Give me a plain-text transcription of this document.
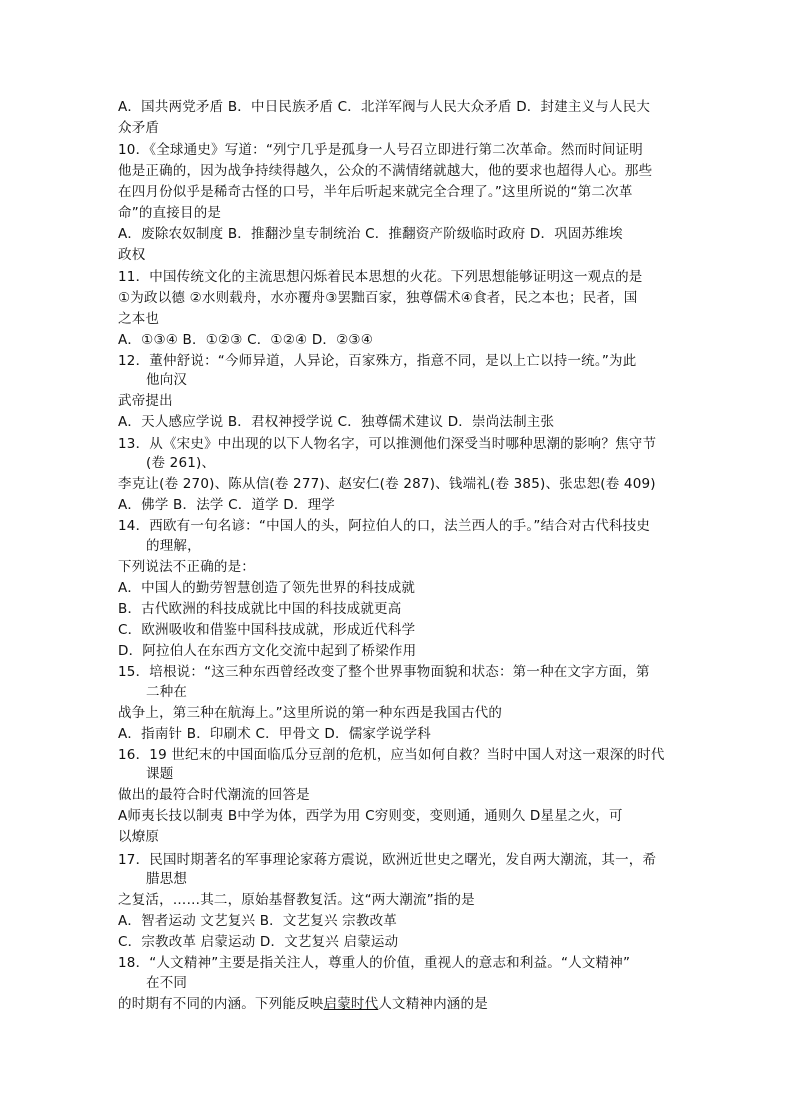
A．国共两党矛盾 B．中日民族矛盾 C．北洋军阀与人民大众矛盾 D．封建主义与人民大
众矛盾
10．《全球通史》写道：“列宁几乎是孤身一人号召立即进行第二次革命。然而时间证明
他是正确的，因为战争持续得越久，公众的不满情绪就越大，他的要求也超得人心。那些
在四月份似乎是稀奇古怪的口号，半年后听起来就完全合理了。”这里所说的“第二次革
命”的直接目的是
A．废除农奴制度 B．推翻沙皇专制统治 C．推翻资产阶级临时政府 D．巩固苏维埃
政权
11．中国传统文化的主流思想闪烁着民本思想的火花。下列思想能够证明这一观点的是
①为政以德 ②水则载舟，水亦覆舟③罢黜百家，独尊儒术④食者，民之本也；民者，国
之本也
A．①③④ B．①②③ C．①②④ D．②③④
12．董仲舒说：“今师异道，人异论，百家殊方，指意不同，是以上亡以持一统。”为此
他向汉
武帝提出
A．天人感应学说 B．君权神授学说 C．独尊儒术建议 D．崇尚法制主张
13．从《宋史》中出现的以下人物名字，可以推测他们深受当时哪种思潮的影响？焦守节
(卷 261)、
李克让(卷 270)、陈从信(卷 277)、赵安仁(卷 287)、钱端礼(卷 385)、张忠恕(卷 409)
A．佛学 B．法学 C．道学 D．理学
14．西欧有一句名谚：“中国人的头，阿拉伯人的口，法兰西人的手。”结合对古代科技史
的理解，
下列说法不正确的是：
A．中国人的勤劳智慧创造了领先世界的科技成就
B．古代欧洲的科技成就比中国的科技成就更高
C．欧洲吸收和借鉴中国科技成就，形成近代科学
D．阿拉伯人在东西方文化交流中起到了桥梁作用
15．培根说：“这三种东西曾经改变了整个世界事物面貌和状态：第一种在文字方面，第
二种在
战争上，第三种在航海上。”这里所说的第一种东西是我国古代的
A．指南针 B．印刷术 C．甲骨文 D．儒家学说学科
16．19 世纪末的中国面临瓜分豆剖的危机，应当如何自救？当时中国人对这一艰深的时代
课题
做出的最符合时代潮流的回答是
A师夷长技以制夷 B中学为体，西学为用 C穷则变，变则通，通则久 D星星之火，可
以燎原
17．民国时期著名的军事理论家蒋方震说，欧洲近世史之曙光，发自两大潮流，其一，希
腊思想
之复活，……其二，原始基督教复活。这“两大潮流”指的是
A．智者运动 文艺复兴 B．文艺复兴 宗教改革
C．宗教改革 启蒙运动 D．文艺复兴 启蒙运动
18．“人文精神”主要是指关注人，尊重人的价值，重视人的意志和利益。“人文精神”
在不同
的时期有不同的内涵。下列能反映启蒙时代人文精神内涵的是
